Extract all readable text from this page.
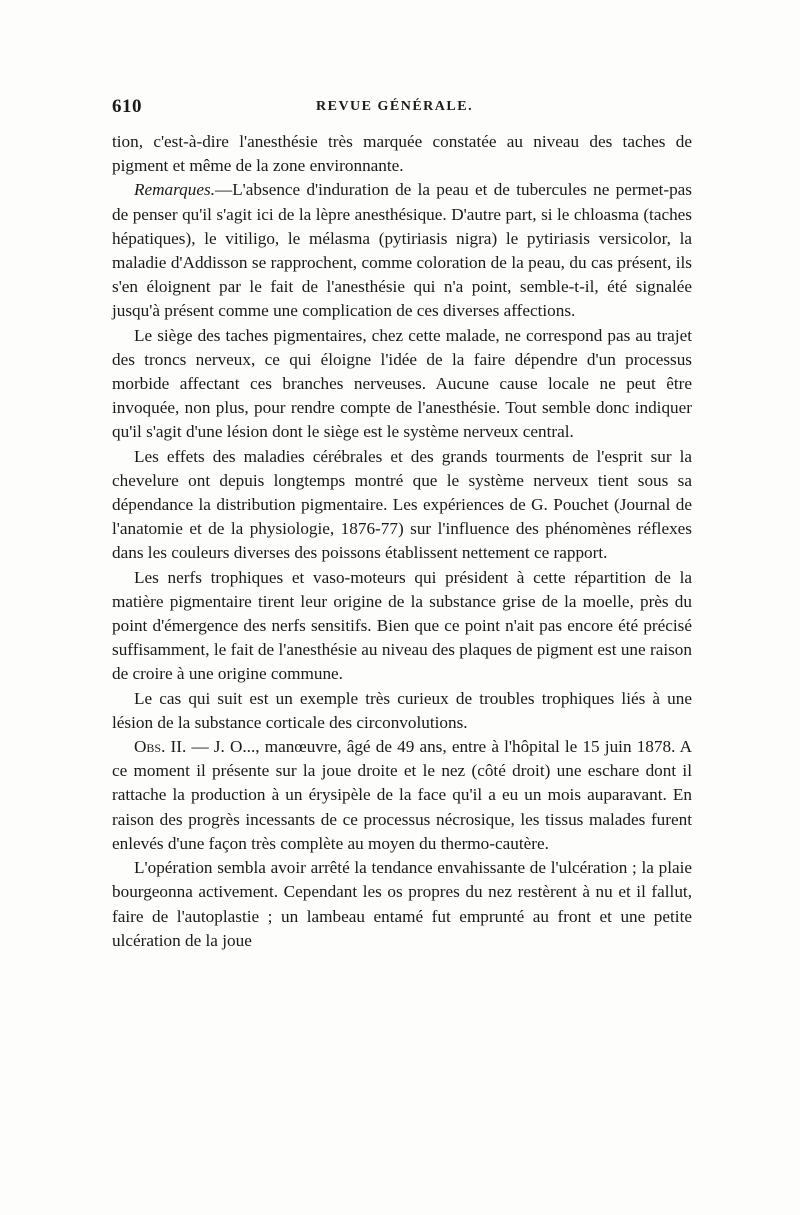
610	REVUE GÉNÉRALE.

tion, c'est-à-dire l'anesthésie très marquée constatée au niveau des taches de pigment et même de la zone environnante.

Remarques.—L'absence d'induration de la peau et de tubercules ne permet-pas de penser qu'il s'agit ici de la lèpre anesthésique. D'autre part, si le chloasma (taches hépatiques), le vitiligo, le mélasma (pytiriasis nigra) le pytiriasis versicolor, la maladie d'Addisson se rapprochent, comme coloration de la peau, du cas présent, ils s'en éloignent par le fait de l'anesthésie qui n'a point, semble-t-il, été signalée jusqu'à présent comme une complication de ces diverses affections.

Le siège des taches pigmentaires, chez cette malade, ne correspond pas au trajet des troncs nerveux, ce qui éloigne l'idée de la faire dépendre d'un processus morbide affectant ces branches nerveuses. Aucune cause locale ne peut être invoquée, non plus, pour rendre compte de l'anesthésie. Tout semble donc indiquer qu'il s'agit d'une lésion dont le siège est le système nerveux central.

Les effets des maladies cérébrales et des grands tourments de l'esprit sur la chevelure ont depuis longtemps montré que le système nerveux tient sous sa dépendance la distribution pigmentaire. Les expériences de G. Pouchet (Journal de l'anatomie et de la physiologie, 1876-77) sur l'influence des phénomènes réflexes dans les couleurs diverses des poissons établissent nettement ce rapport.

Les nerfs trophiques et vaso-moteurs qui président à cette répartition de la matière pigmentaire tirent leur origine de la substance grise de la moelle, près du point d'émergence des nerfs sensitifs. Bien que ce point n'ait pas encore été précisé suffisamment, le fait de l'anesthésie au niveau des plaques de pigment est une raison de croire à une origine commune.

Le cas qui suit est un exemple très curieux de troubles trophiques liés à une lésion de la substance corticale des circonvolutions.

Obs. II. — J. O..., manœuvre, âgé de 49 ans, entre à l'hôpital le 15 juin 1878. A ce moment il présente sur la joue droite et le nez (côté droit) une eschare dont il rattache la production à un érysipèle de la face qu'il a eu un mois auparavant. En raison des progrès incessants de ce processus nécrosique, les tissus malades furent enlevés d'une façon très complète au moyen du thermo-cautère.

L'opération sembla avoir arrêté la tendance envahissante de l'ulcération ; la plaie bourgeonna activement. Cependant les os propres du nez restèrent à nu et il fallut, faire de l'autoplastie ; un lambeau entamé fut emprunté au front et une petite ulcération de la joue
